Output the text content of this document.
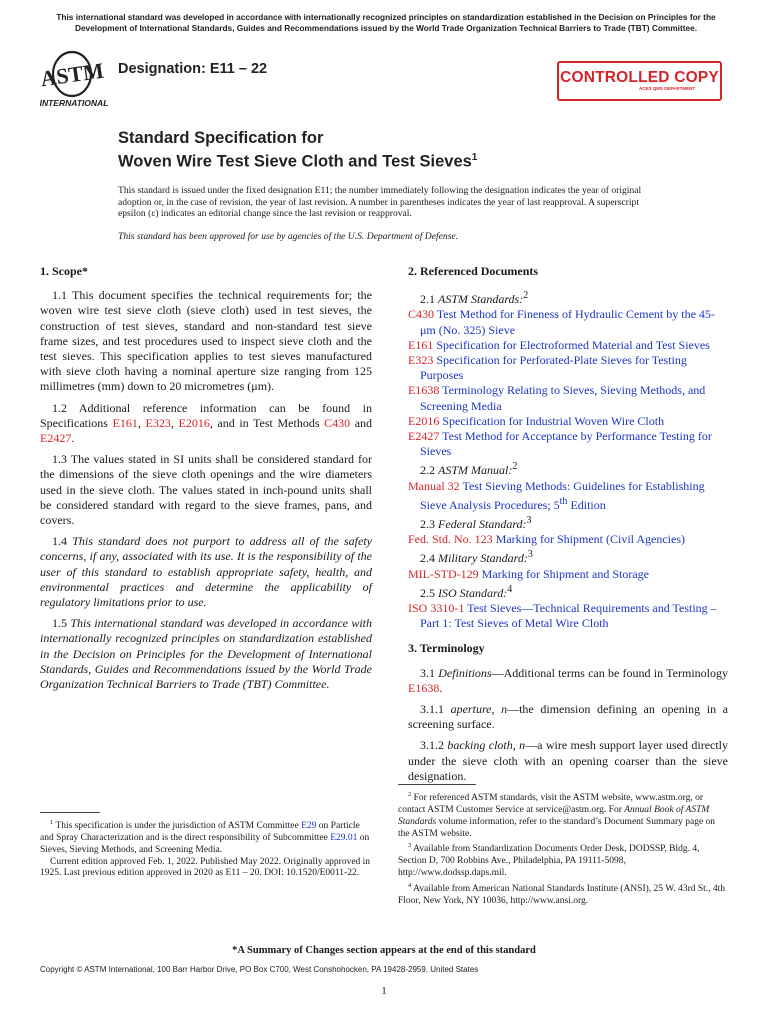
This international standard was developed in accordance with internationally recognized principles on standardization established in the Decision on Principles for the Development of International Standards, Guides and Recommendations issued by the World Trade Organization Technical Barriers to Trade (TBT) Committee.
ASTM
INTERNATIONAL
Designation: E11 – 22	CONTROLLED COPY
ACES QMS DEPARTMENT
Standard Specification for
Woven Wire Test Sieve Cloth and Test Sieves$^1$
This standard is issued under the fixed designation E11; the number immediately following the designation indicates the year of original adoption or, in the case of revision, the year of last revision. A number in parentheses indicates the year of last reapproval. A superscript epsilon (ε) indicates an editorial change since the last revision or reapproval.
This standard has been approved for use by agencies of the U.S. Department of Defense.
1. Scope*

1.1 This document specifies the technical requirements for; the woven wire test sieve cloth (sieve cloth) used in test sieves, the construction of test sieves, standard and non-standard test sieve frame sizes, and test procedures used to inspect sieve cloth and the test sieves. This specification applies to test sieves manufactured with sieve cloth having a nominal aperture size ranging from 125 millimetres (mm) down to 20 micrometres (μm).

1.2 Additional reference information can be found in Specifications E161, E323, E2016, and in Test Methods C430 and E2427.

1.3 The values stated in SI units shall be considered standard for the dimensions of the sieve cloth openings and the wire diameters used in the sieve cloth. The values stated in inch-pound units shall be considered standard with regard to the sieve frames, pans, and covers.

1.4 This standard does not purport to address all of the safety concerns, if any, associated with its use. It is the responsibility of the user of this standard to establish appropriate safety, health, and environmental practices and determine the applicability of regulatory limitations prior to use.

1.5 This international standard was developed in accordance with internationally recognized principles on standardization established in the Decision on Principles for the Development of International Standards, Guides and Recommendations issued by the World Trade Organization Technical Barriers to Trade (TBT) Committee.

2. Referenced Documents

2.1 ASTM Standards:$^2$

C430 Test Method for Fineness of Hydraulic Cement by the 45-μm (No. 325) Sieve

E161 Specification for Electroformed Material and Test Sieves

E323 Specification for Perforated-Plate Sieves for Testing Purposes

E1638 Terminology Relating to Sieves, Sieving Methods, and Screening Media

E2016 Specification for Industrial Woven Wire Cloth

E2427 Test Method for Acceptance by Performance Testing for Sieves

2.2 ASTM Manual:$^2$

Manual 32 Test Sieving Methods: Guidelines for Establishing Sieve Analysis Procedures; 5th Edition

2.3 Federal Standard:$^3$

Fed. Std. No. 123 Marking for Shipment (Civil Agencies)

2.4 Military Standard:$^3$

MIL-STD-129 Marking for Shipment and Storage

2.5 ISO Standard:$^4$

ISO 3310-1 Test Sieves—Technical Requirements and Testing – Part 1: Test Sieves of Metal Wire Cloth

3. Terminology

3.1 Definitions—Additional terms can be found in Terminology E1638.

3.1.1 aperture, n—the dimension defining an opening in a screening surface.

3.1.2 backing cloth, n—a wire mesh support layer used directly under the sieve cloth with an opening coarser than the sieve designation.

$^1$ This specification is under the jurisdiction of ASTM Committee E29 on Particle and Spray Characterization and is the direct responsibility of Subcommittee E29.01 on Sieves, Sieving Methods, and Screening Media.

Current edition approved Feb. 1, 2022. Published May 2022. Originally approved in 1925. Last previous edition approved in 2020 as E11 – 20. DOI: 10.1520/E0011-22.

$^2$ For referenced ASTM standards, visit the ASTM website, www.astm.org, or contact ASTM Customer Service at service@astm.org. For Annual Book of ASTM Standards volume information, refer to the standard’s Document Summary page on the ASTM website.

$^3$ Available from Standardization Documents Order Desk, DODSSP, Bldg. 4, Section D, 700 Robbins Ave., Philadelphia, PA 19111-5098, http://www.dodssp.daps.mil.

$^4$ Available from American National Standards Institute (ANSI), 25 W. 43rd St., 4th Floor, New York, NY 10036, http://www.ansi.org.

*A Summary of Changes section appears at the end of this standard
Copyright © ASTM International, 100 Barr Harbor Drive, PO Box C700, West Conshohocken, PA 19428-2959. United States
1
